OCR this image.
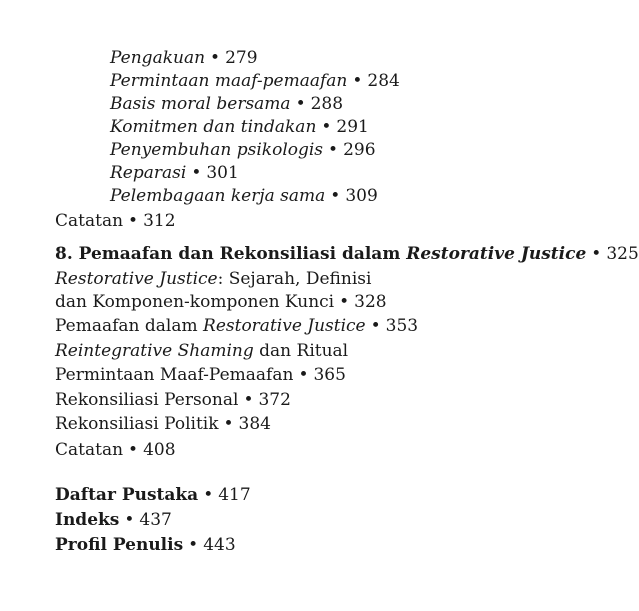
Pengakuan • 279
Permintaan maaf-pemaafan • 284
Basis moral bersama • 288
Komitmen dan tindakan • 291
Penyembuhan psikologis • 296
Reparasi • 301
Pelembagaan kerja sama • 309
Catatan • 312
8. Pemaafan dan Rekonsiliasi dalam Restorative Justice • 325
Restorative Justice: Sejarah, Definisi
dan Komponen-komponen Kunci • 328
Pemaafan dalam Restorative Justice • 353
Reintegrative Shaming dan Ritual
Permintaan Maaf-Pemaafan • 365
Rekonsiliasi Personal • 372
Rekonsiliasi Politik • 384
Catatan • 408
Daftar Pustaka • 417
Indeks • 437
Profil Penulis • 443
